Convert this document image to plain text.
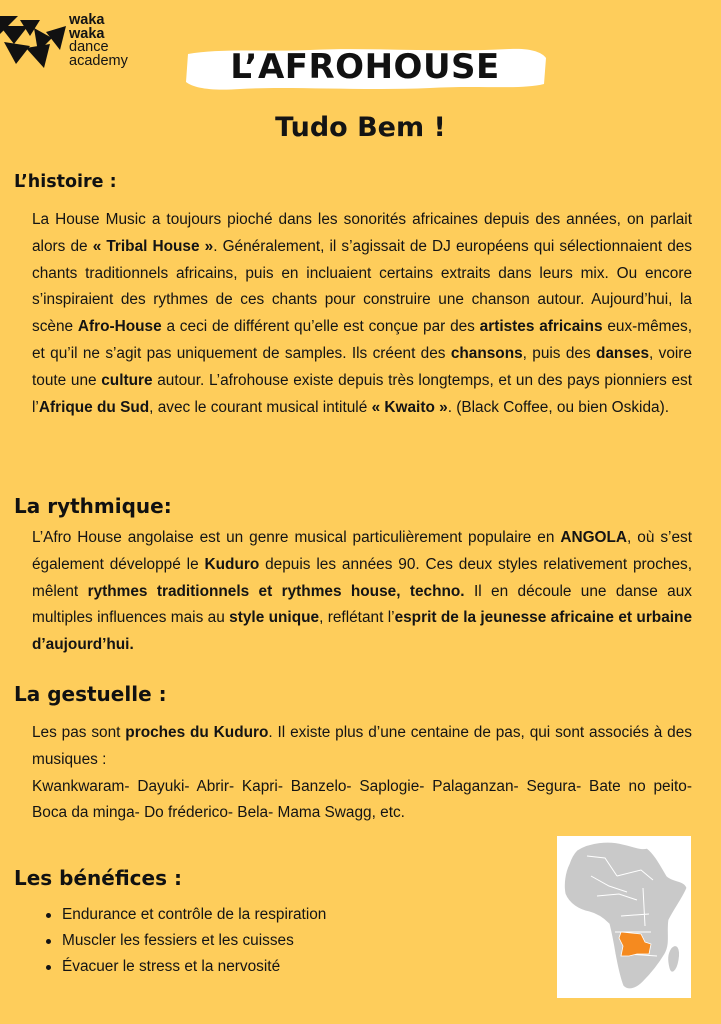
waka
waka
dance
academy	L’AFROHOUSE
Tudo Bem !
L’histoire :

La House Music a toujours pioché dans les sonorités africaines depuis des années, on parlait alors de « Tribal House ». Généralement, il s’agissait de DJ européens qui sélectionnaient des chants traditionnels africains, puis en incluaient certains extraits dans leurs mix. Ou encore s’inspiraient des rythmes de ces chants pour construire une chanson autour. Aujourd’hui, la scène Afro-House a ceci de différent qu’elle est conçue par des artistes africains eux-mêmes, et qu’il ne s’agit pas uniquement de samples. Ils créent des chansons, puis des danses, voire toute une culture autour. L’afrohouse existe depuis très longtemps, et un des pays pionniers est l’Afrique du Sud, avec le courant musical intitulé « Kwaito ». (Black Coffee, ou bien Oskida).

La rythmique:

L’Afro House angolaise est un genre musical particulièrement populaire en ANGOLA, où s’est également développé le Kuduro depuis les années 90. Ces deux styles relativement proches, mêlent rythmes traditionnels et rythmes house, techno. Il en découle une danse aux multiples influences mais au style unique, reflétant l’esprit de la jeunesse africaine et urbaine d’aujourd’hui.

La gestuelle :

Les pas sont proches du Kuduro. Il existe plus d’une centaine de pas, qui sont associés à des musiques :
Kwankwaram- Dayuki- Abrir- Kapri- Banzelo- Saplogie- Palaganzan- Segura- Bate no peito- Boca da minga- Do fréderico- Bela- Mama Swagg, etc.

Les bénéfices :
Endurance et contrôle de la respiration
Muscler les fessiers et les cuisses
Évacuer le stress et la nervosité
